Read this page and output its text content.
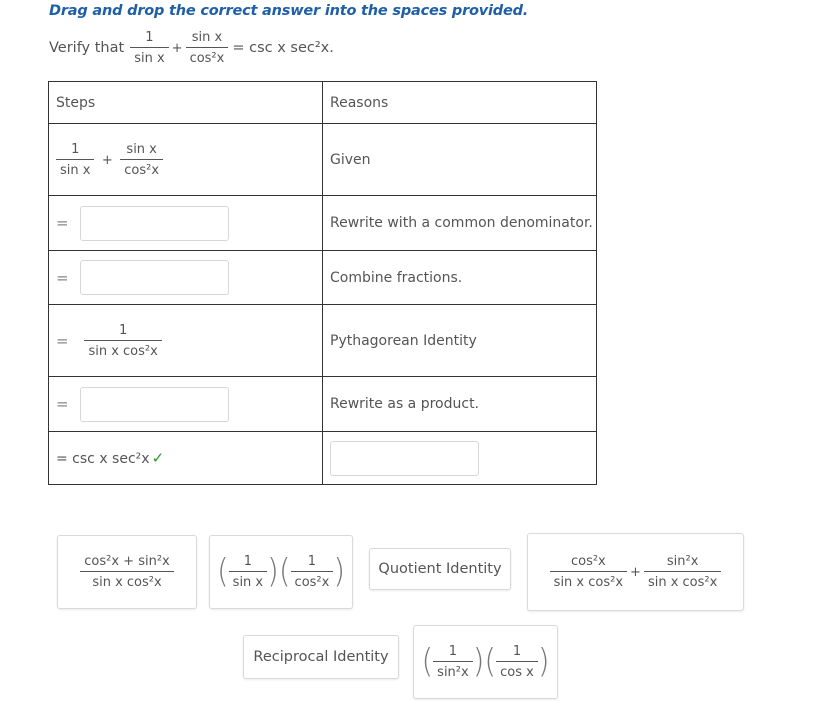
Drag and drop the correct answer into the spaces provided.
Verify that $\frac{1}{\text{sin x}} + \frac{\text{sin x}}{\text{cos²x}} = \csc x$ sec²x.
Steps	Reasons

$\frac{1}{\text{sin x}} + \frac{\text{sin x}}{\text{cos²x}}$	Given
=	Rewrite with a common denominator.
=	Combine fractions.
= $\frac{1}{\text{sin x cos²x}}$	Pythagorean Identity
=	Rewrite as a product.
= csc x sec²x ✓	
$\frac{\text{cos²x + sin²x}}{\text{sin x cos²x}}$ ( $\frac{1}{\text{sin x}}$ )( $\frac{1}{\text{cos²x}}$ ) Quotient Identity	$\frac{\text{cos²x}}{\text{sin x cos²x}} + \frac{\text{sin²x}}{\text{sin x cos²x}}$
Reciprocal Identity ( $\frac{1}{\text{sin²x}}$ )( $\frac{1}{\text{cos x}}$ )
